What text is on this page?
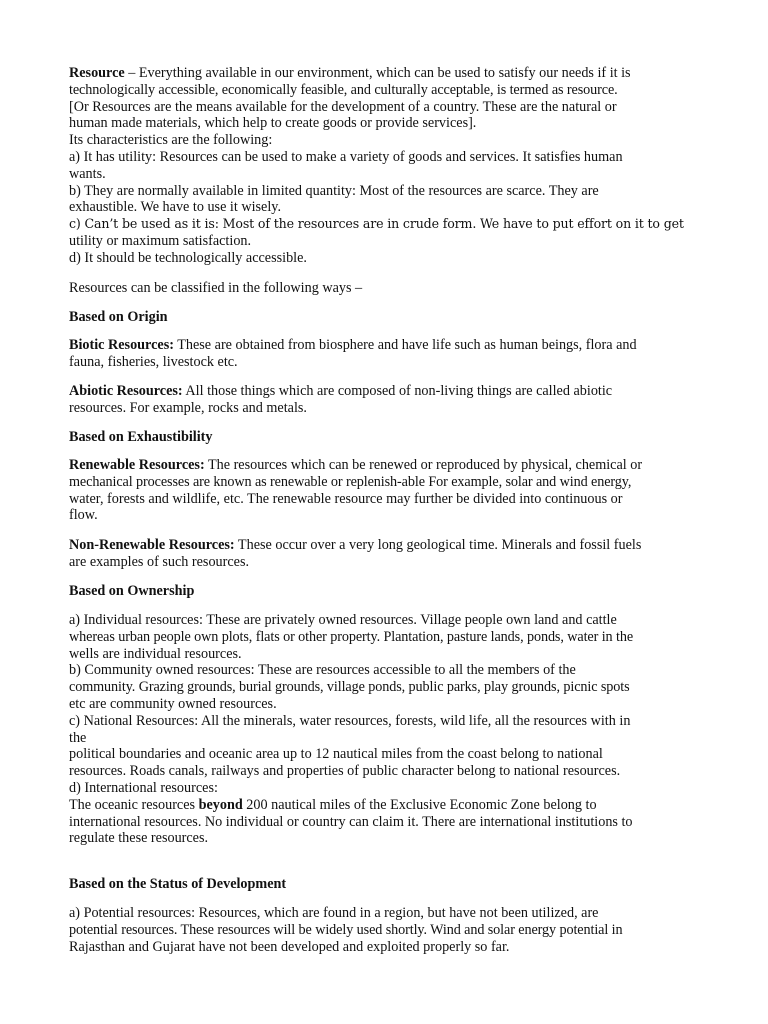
Resource – Everything available in our environment, which can be used to satisfy our needs if it is
technologically accessible, economically feasible, and culturally acceptable, is termed as resource.
[Or Resources are the means available for the development of a country. These are the natural or
human made materials, which help to create goods or provide services].
Its characteristics are the following:
a) It has utility: Resources can be used to make a variety of goods and services. It satisfies human
wants.
b) They are normally available in limited quantity: Most of the resources are scarce. They are
exhaustible. We have to use it wisely.
c) Can’t be used as it is: Most of the resources are in crude form. We have to put effort on it to get
utility or maximum satisfaction.
d) It should be technologically accessible.
Resources can be classified in the following ways –
Based on Origin
Biotic Resources: These are obtained from biosphere and have life such as human beings, flora and
fauna, fisheries, livestock etc.
Abiotic Resources: All those things which are composed of non-living things are called abiotic
resources. For example, rocks and metals.
Based on Exhaustibility
Renewable Resources: The resources which can be renewed or reproduced by physical, chemical or
mechanical processes are known as renewable or replenish-able For example, solar and wind energy,
water, forests and wildlife, etc. The renewable resource may further be divided into continuous or
flow.
Non-Renewable Resources: These occur over a very long geological time. Minerals and fossil fuels
are examples of such resources.
Based on Ownership
a) Individual resources: These are privately owned resources. Village people own land and cattle
whereas urban people own plots, flats or other property. Plantation, pasture lands, ponds, water in the
wells are individual resources.
b) Community owned resources: These are resources accessible to all the members of the
community. Grazing grounds, burial grounds, village ponds, public parks, play grounds, picnic spots
etc are community owned resources.
c) National Resources: All the minerals, water resources, forests, wild life, all the resources with in
the
political boundaries and oceanic area up to 12 nautical miles from the coast belong to national
resources. Roads canals, railways and properties of public character belong to national resources.
d) International resources:
The oceanic resources beyond 200 nautical miles of the Exclusive Economic Zone belong to
international resources. No individual or country can claim it. There are international institutions to
regulate these resources.
Based on the Status of Development
a) Potential resources: Resources, which are found in a region, but have not been utilized, are
potential resources. These resources will be widely used shortly. Wind and solar energy potential in
Rajasthan and Gujarat have not been developed and exploited properly so far.
